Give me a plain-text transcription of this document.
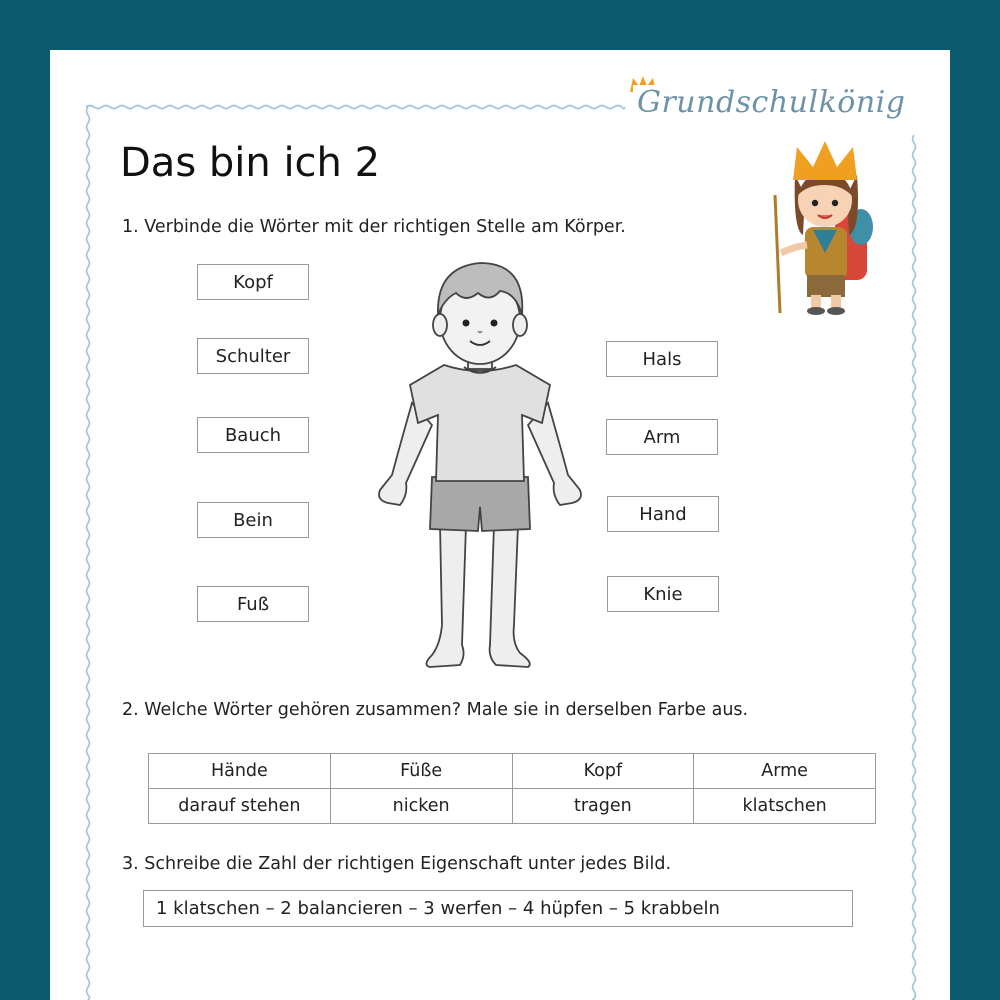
Grundschulkönig
Das bin ich 2
1. Verbinde die Wörter mit der richtigen Stelle am Körper.
Kopf
Schulter
Bauch
Bein
Fuß
Hals
Arm
Hand
Knie
2. Welche Wörter gehören zusammen? Male sie in derselben Farbe aus.
Hände	Füße	Kopf	Arme
darauf stehen	nicken	tragen	klatschen
3. Schreibe die Zahl der richtigen Eigenschaft unter jedes Bild.
1 klatschen – 2 balancieren – 3 werfen – 4 hüpfen – 5 krabbeln
